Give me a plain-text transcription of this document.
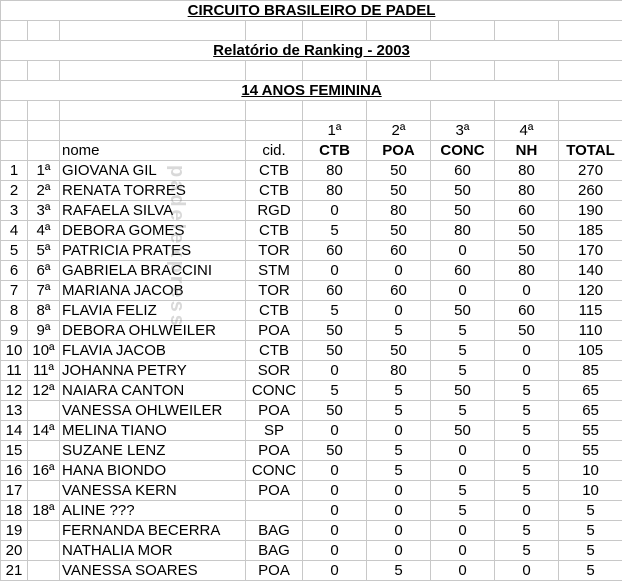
CIRCUITO BRASILEIRO DE PADEL								

Relatório de Ranking - 2003								

14 ANOS FEMININA								

				1ª	2ª	3ª	4ª	
		nome	cid.	CTB	POA	CONC	NH	TOTAL
1	1ª	GIOVANA GIL	CTB	80	50	60	80	270
2	2ª	RENATA TORRES	CTB	80	50	50	80	260
3	3ª	RAFAELA SILVA	RGD	0	80	50	60	190
4	4ª	DEBORA GOMES	CTB	5	50	80	50	185
5	5ª	PATRICIA PRATES	TOR	60	60	0	50	170
6	6ª	GABRIELA BRACCINI	STM	0	0	60	80	140
7	7ª	MARIANA JACOB	TOR	60	60	0	0	120
8	8ª	FLAVIA FELIZ	CTB	5	0	50	60	115
9	9ª	DEBORA OHLWEILER	POA	50	5	5	50	110
10	10ª	FLAVIA JACOB	CTB	50	50	5	0	105
11	11ª	JOHANNA PETRY	SOR	0	80	5	0	85
12	12ª	NAIARA CANTON	CONC	5	5	50	5	65
13		VANESSA OHLWEILER	POA	50	5	5	5	65
14	14ª	MELINA TIANO	SP	0	0	50	5	55
15		SUZANE LENZ	POA	50	5	0	0	55
16	16ª	HANA BIONDO	CONC	0	5	0	5	10
17		VANESSA KERN	POA	0	0	5	5	10
18	18ª	ALINE ???		0	0	5	0	5
19		FERNANDA BECERRA	BAG	0	0	0	5	5
20		NATHALIA MOR	BAG	0	0	0	5	5
21		VANESSA SOARES	POA	0	5	0	0	5
padelexpress
